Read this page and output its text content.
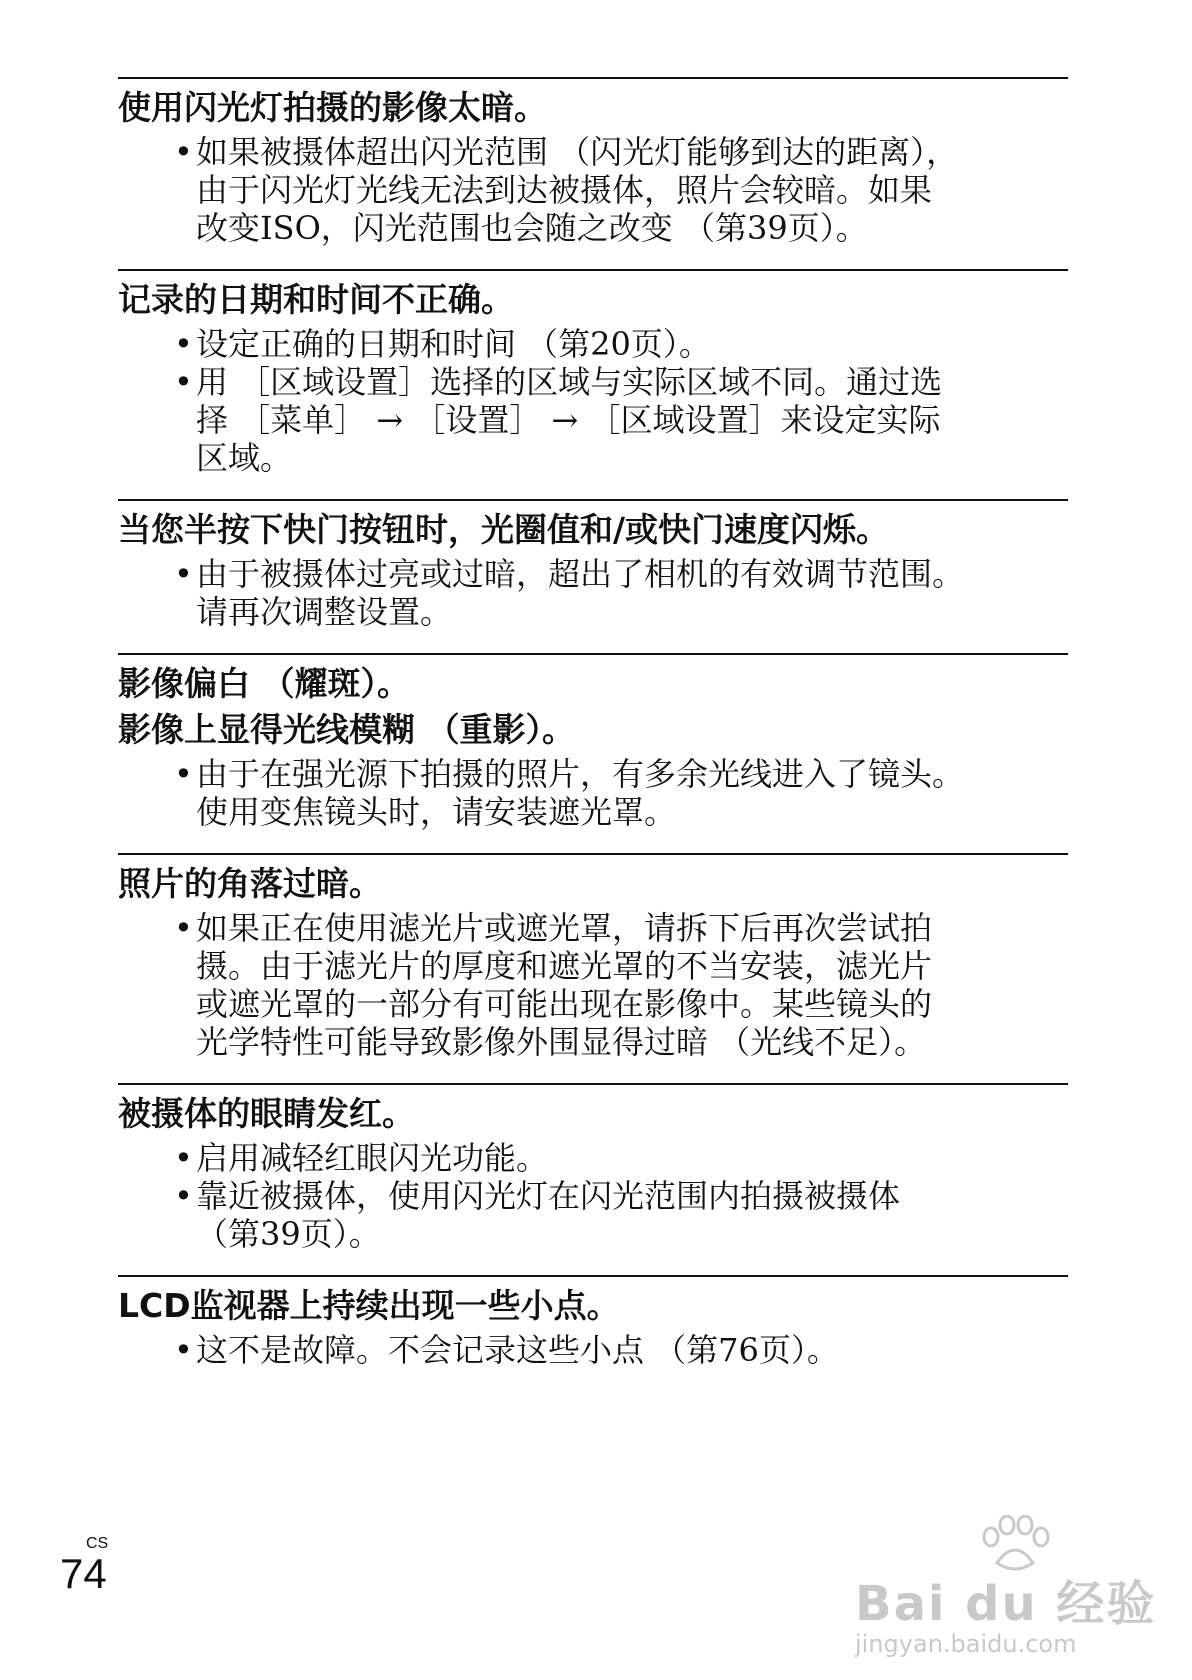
使用闪光灯拍摄的影像太暗。
• 如果被摄体超出闪光范围 （闪光灯能够到达的距离），
由于闪光灯光线无法到达被摄体，照片会较暗。如果
改变ISO，闪光范围也会随之改变 （第39页）。
记录的日期和时间不正确。
• 设定正确的日期和时间 （第20页）。
• 用 ［区域设置］选择的区域与实际区域不同。通过选
择 ［菜单］ → ［设置］ → ［区域设置］来设定实际
区域。
当您半按下快门按钮时，光圈值和/或快门速度闪烁。
• 由于被摄体过亮或过暗，超出了相机的有效调节范围。
请再次调整设置。
影像偏白 （耀斑）。
影像上显得光线模糊 （重影）。
• 由于在强光源下拍摄的照片，有多余光线进入了镜头。
使用变焦镜头时，请安装遮光罩。
照片的角落过暗。
• 如果正在使用滤光片或遮光罩，请拆下后再次尝试拍
摄。由于滤光片的厚度和遮光罩的不当安装，滤光片
或遮光罩的一部分有可能出现在影像中。某些镜头的
光学特性可能导致影像外围显得过暗 （光线不足）。
被摄体的眼睛发红。
• 启用减轻红眼闪光功能。
• 靠近被摄体，使用闪光灯在闪光范围内拍摄被摄体
（第39页）。
LCD监视器上持续出现一些小点。
• 这不是故障。不会记录这些小点 （第76页）。
CS
74
Bai du 经验
jingyan.baidu.com
